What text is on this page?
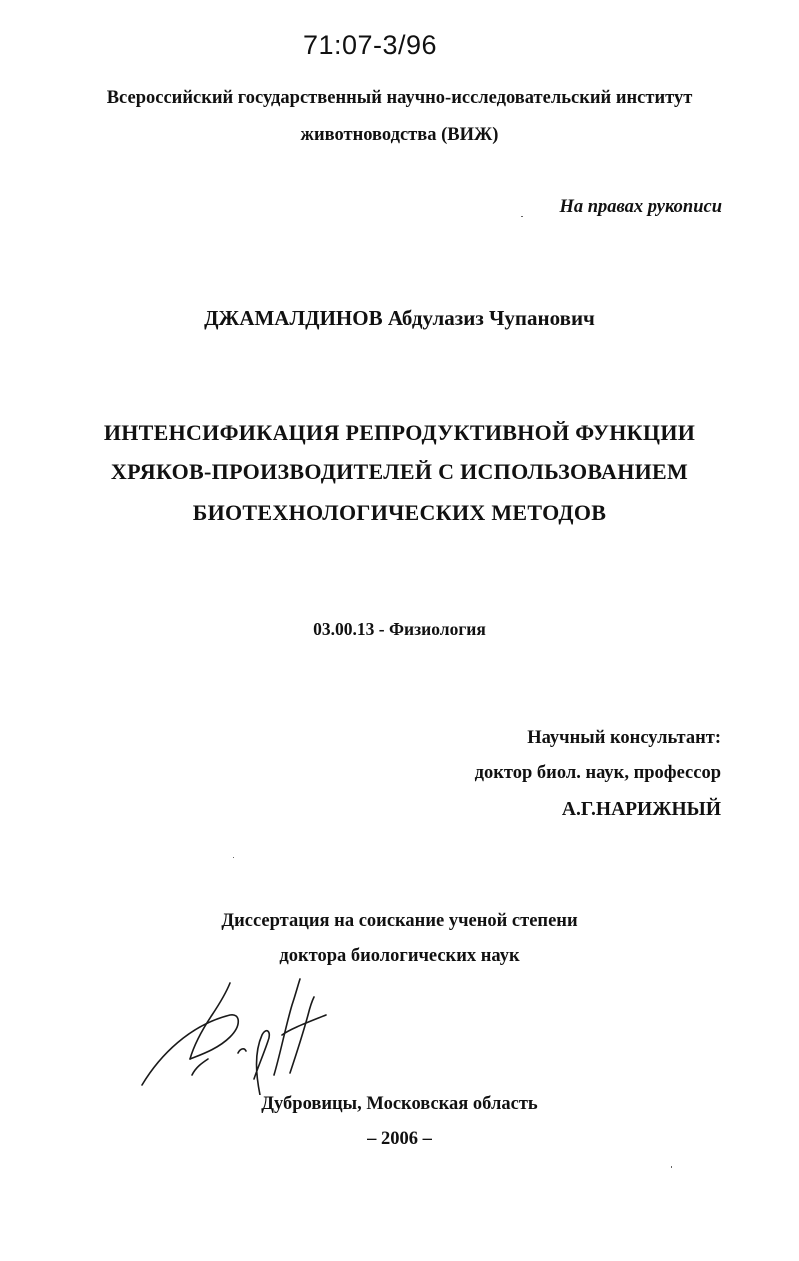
71:07-3/96
Всероссийский государственный научно-исследовательский институт
животноводства (ВИЖ)
На правах рукописи
ДЖАМАЛДИНОВ Абдулазиз Чупанович
ИНТЕНСИФИКАЦИЯ РЕПРОДУКТИВНОЙ ФУНКЦИИ
ХРЯКОВ-ПРОИЗВОДИТЕЛЕЙ С ИСПОЛЬЗОВАНИЕМ
БИОТЕХНОЛОГИЧЕСКИХ МЕТОДОВ
03.00.13 - Физиология
Научный консультант:
доктор биол. наук, профессор
А.Г.НАРИЖНЫЙ
Диссертация на соискание ученой степени
доктора биологических наук
Дубровицы, Московская область
– 2006 –
